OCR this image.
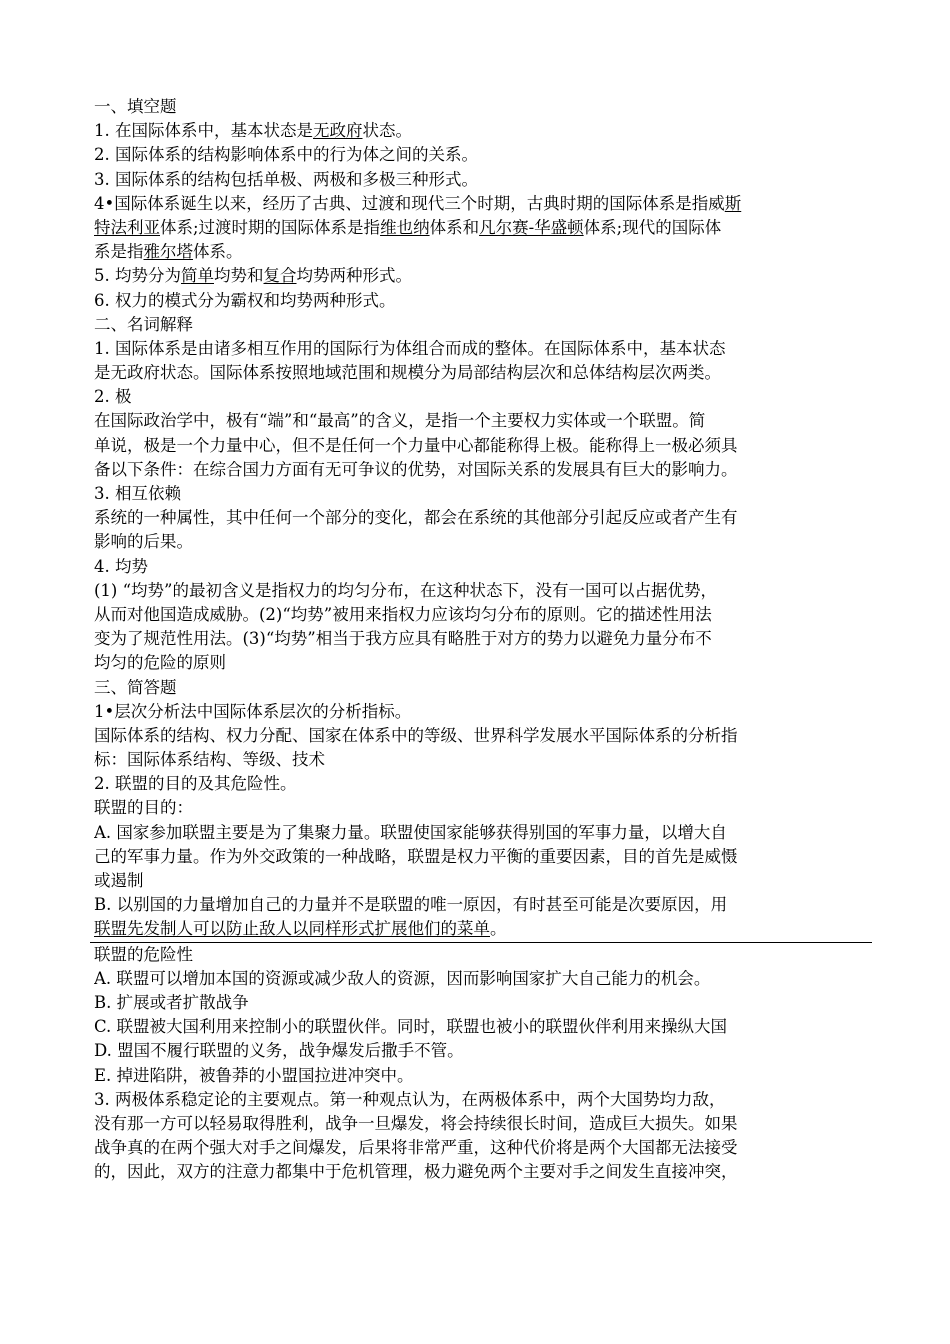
一、填空题
1. 在国际体系中，基本状态是无政府状态。
2. 国际体系的结构影响体系中的行为体之间的关系。
3. 国际体系的结构包括单极、两极和多极三种形式。
4•国际体系诞生以来，经历了古典、过渡和现代三个时期，古典时期的国际体系是指威斯
特法利亚体系;过渡时期的国际体系是指维也纳体系和凡尔赛-华盛顿体系;现代的国际体
系是指雅尔塔体系。
5. 均势分为简单均势和复合均势两种形式。
6. 权力的模式分为霸权和均势两种形式。
二、名词解释
1. 国际体系是由诸多相互作用的国际行为体组合而成的整体。在国际体系中，基本状态
是无政府状态。国际体系按照地域范围和规模分为局部结构层次和总体结构层次两类。
2. 极
在国际政治学中，极有“端”和“最高”的含义，是指一个主要权力实体或一个联盟。简
单说，极是一个力量中心，但不是任何一个力量中心都能称得上极。能称得上一极必须具
备以下条件：在综合国力方面有无可争议的优势，对国际关系的发展具有巨大的影响力。
3. 相互依赖
系统的一种属性，其中任何一个部分的变化，都会在系统的其他部分引起反应或者产生有
影响的后果。
4. 均势
(1) “均势”的最初含义是指权力的均匀分布，在这种状态下，没有一国可以占据优势，
从而对他国造成威胁。(2)“均势”被用来指权力应该均匀分布的原则。它的描述性用法
变为了规范性用法。(3)“均势”相当于我方应具有略胜于对方的势力以避免力量分布不
均匀的危险的原则
三、简答题
1•层次分析法中国际体系层次的分析指标。
国际体系的结构、权力分配、国家在体系中的等级、世界科学发展水平国际体系的分析指
标：国际体系结构、等级、技术
2. 联盟的目的及其危险性。
联盟的目的：
A. 国家参加联盟主要是为了集聚力量。联盟使国家能够获得别国的军事力量，以增大自
己的军事力量。作为外交政策的一种战略，联盟是权力平衡的重要因素，目的首先是威慑
或遏制
B. 以别国的力量增加自己的力量并不是联盟的唯一原因，有时甚至可能是次要原因，用
联盟先发制人可以防止敌人以同样形式扩展他们的菜单。
联盟的危险性
A. 联盟可以增加本国的资源或减少敌人的资源，因而影响国家扩大自己能力的机会。
B. 扩展或者扩散战争
C. 联盟被大国利用来控制小的联盟伙伴。同时，联盟也被小的联盟伙伴利用来操纵大国
D. 盟国不履行联盟的义务，战争爆发后撒手不管。
E. 掉进陷阱，被鲁莽的小盟国拉进冲突中。
3. 两极体系稳定论的主要观点。第一种观点认为，在两极体系中，两个大国势均力敌，
没有那一方可以轻易取得胜利，战争一旦爆发，将会持续很长时间，造成巨大损失。如果
战争真的在两个强大对手之间爆发，后果将非常严重，这种代价将是两个大国都无法接受
的，因此，双方的注意力都集中于危机管理，极力避免两个主要对手之间发生直接冲突，
